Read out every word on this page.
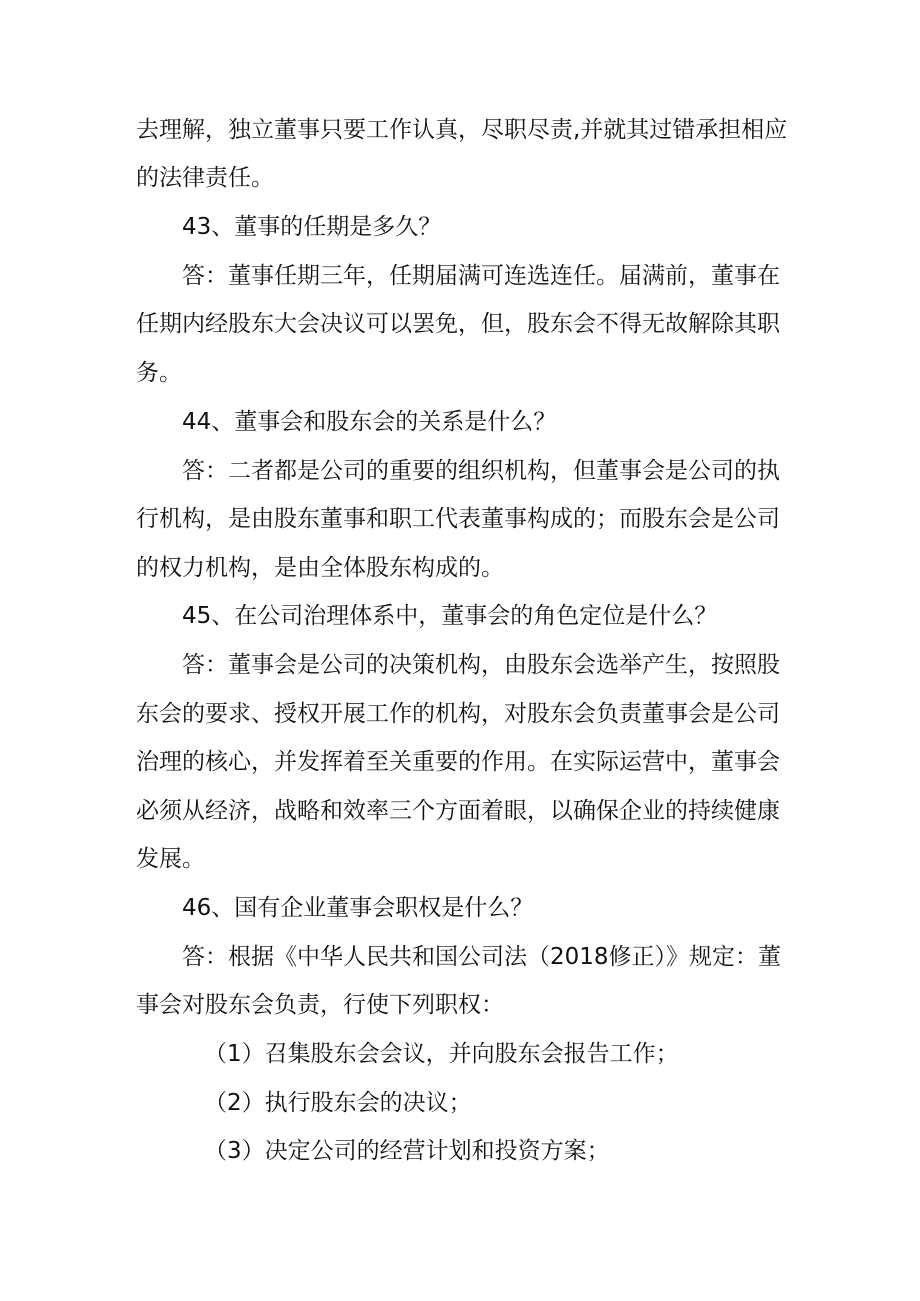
去理解，独立董事只要工作认真，尽职尽责,并就其过错承担相应
的法律责任。
43、董事的任期是多久？
答：董事任期三年，任期届满可连选连任。届满前，董事在
任期内经股东大会决议可以罢免，但，股东会不得无故解除其职
务。
44、董事会和股东会的关系是什么？
答：二者都是公司的重要的组织机构，但董事会是公司的执
行机构，是由股东董事和职工代表董事构成的；而股东会是公司
的权力机构，是由全体股东构成的。
45、在公司治理体系中，董事会的角色定位是什么？
答：董事会是公司的决策机构，由股东会选举产生，按照股
东会的要求、授权开展工作的机构，对股东会负责董事会是公司
治理的核心，并发挥着至关重要的作用。在实际运营中，董事会
必须从经济，战略和效率三个方面着眼，以确保企业的持续健康
发展。
46、国有企业董事会职权是什么？
答：根据《中华人民共和国公司法（2018修正）》规定：董
事会对股东会负责，行使下列职权：
（1）召集股东会会议，并向股东会报告工作；
（2）执行股东会的决议；
（3）决定公司的经营计划和投资方案；
